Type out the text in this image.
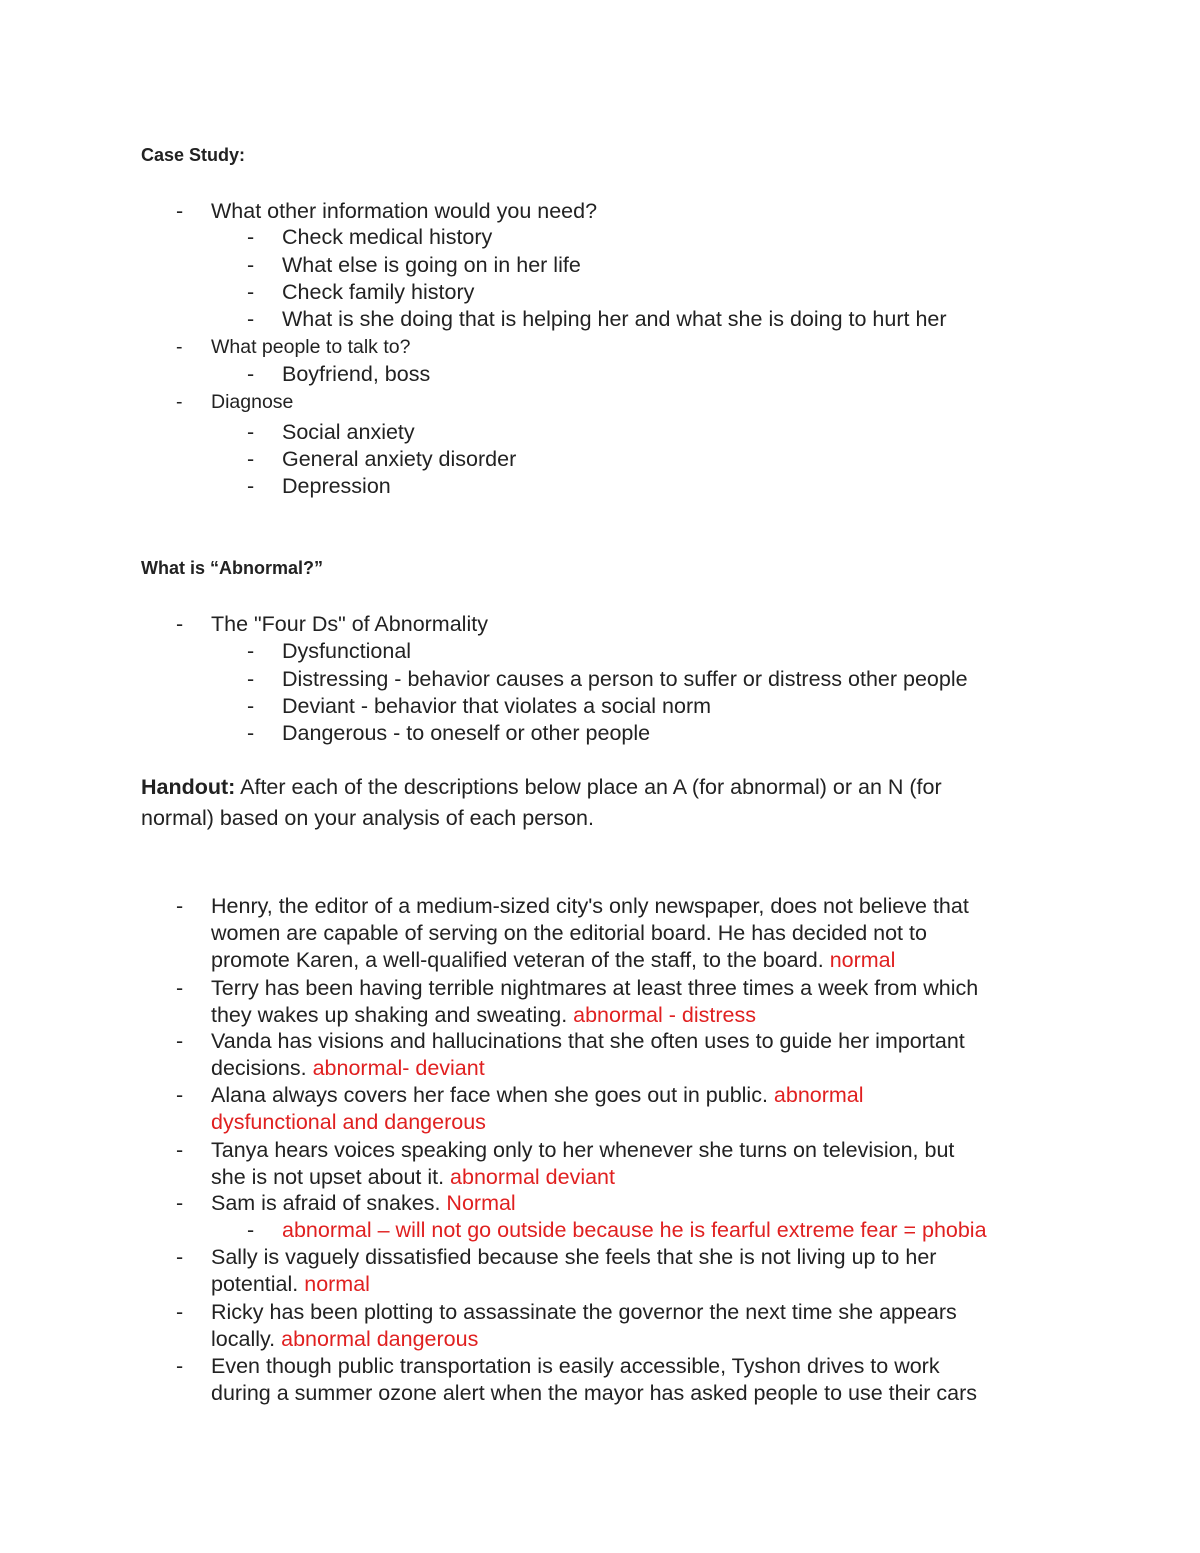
Case Study:
-	What other information would you need?
-	Check medical history
-	What else is going on in her life
-	Check family history
-	What is she doing that is helping her and what she is doing to hurt her
-	What people to talk to?
-	Boyfriend, boss
-	Diagnose
-	Social anxiety
-	General anxiety disorder
-	Depression
What is “Abnormal?”
-	The "Four Ds" of Abnormality
-	Dysfunctional
-	Distressing - behavior causes a person to suffer or distress other people
-	Deviant - behavior that violates a social norm
-	Dangerous - to oneself or other people
Handout: After each of the descriptions below place an A (for abnormal) or an N (for
normal) based on your analysis of each person.
- Henry, the editor of a medium-sized city's only newspaper, does not believe that
women are capable of serving on the editorial board. He has decided not to
promote Karen, a well-qualified veteran of the staff, to the board. normal
- Terry has been having terrible nightmares at least three times a week from which
they wakes up shaking and sweating. abnormal - distress
- Vanda has visions and hallucinations that she often uses to guide her important
decisions. abnormal- deviant
- Alana always covers her face when she goes out in public. abnormal
dysfunctional and dangerous
- Tanya hears voices speaking only to her whenever she turns on television, but
she is not upset about it. abnormal deviant
- Sam is afraid of snakes. Normal
-	abnormal – will not go outside because he is fearful extreme fear = phobia
- Sally is vaguely dissatisfied because she feels that she is not living up to her
potential. normal
- Ricky has been plotting to assassinate the governor the next time she appears
locally. abnormal dangerous
- Even though public transportation is easily accessible, Tyshon drives to work
during a summer ozone alert when the mayor has asked people to use their cars
